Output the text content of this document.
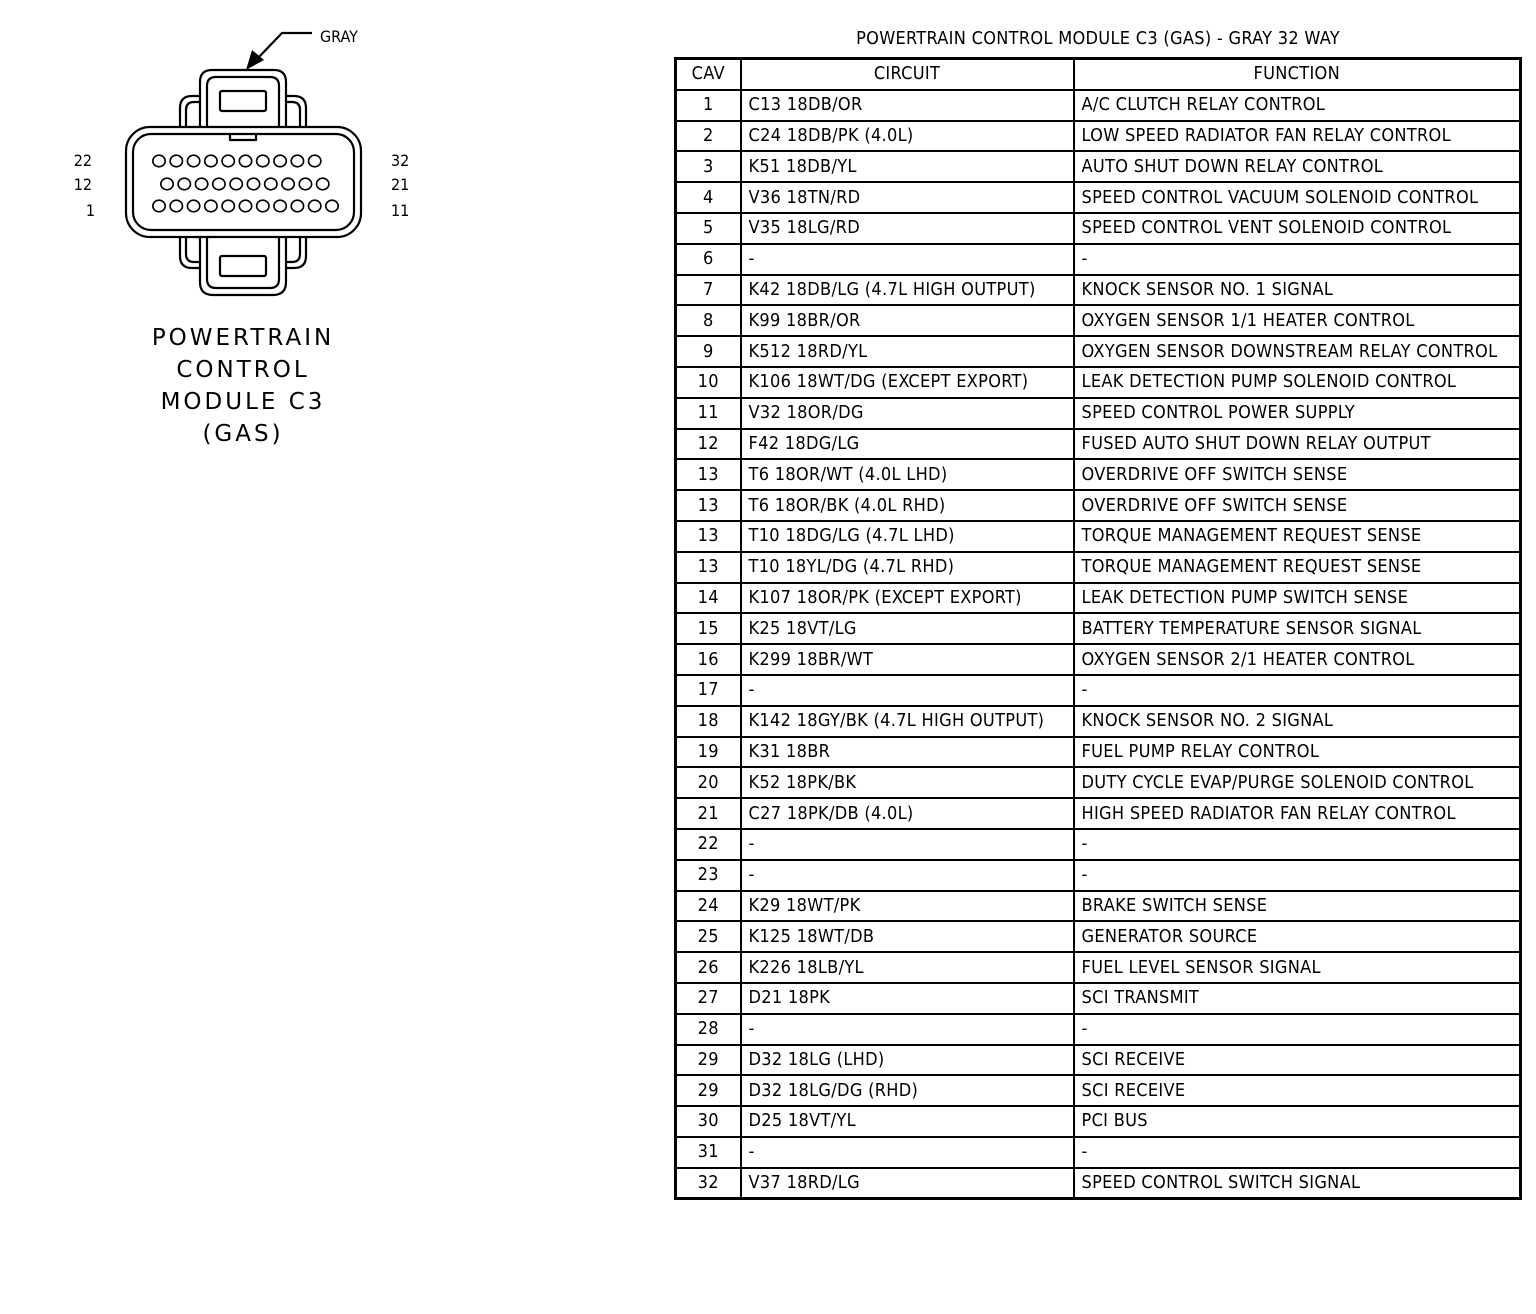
GRAY
22
12
1
32
21
11
POWERTRAIN
CONTROL
MODULE C3
(GAS)
POWERTRAIN CONTROL MODULE C3 (GAS) - GRAY 32 WAY
CAV	CIRCUIT	FUNCTION
1	C13 18DB/OR	A/C CLUTCH RELAY CONTROL
2	C24 18DB/PK (4.0L)	LOW SPEED RADIATOR FAN RELAY CONTROL
3	K51 18DB/YL	AUTO SHUT DOWN RELAY CONTROL
4	V36 18TN/RD	SPEED CONTROL VACUUM SOLENOID CONTROL
5	V35 18LG/RD	SPEED CONTROL VENT SOLENOID CONTROL
6	-	-
7	K42 18DB/LG (4.7L HIGH OUTPUT)	KNOCK SENSOR NO. 1 SIGNAL
8	K99 18BR/OR	OXYGEN SENSOR 1/1 HEATER CONTROL
9	K512 18RD/YL	OXYGEN SENSOR DOWNSTREAM RELAY CONTROL
10	K106 18WT/DG (EXCEPT EXPORT)	LEAK DETECTION PUMP SOLENOID CONTROL
11	V32 18OR/DG	SPEED CONTROL POWER SUPPLY
12	F42 18DG/LG	FUSED AUTO SHUT DOWN RELAY OUTPUT
13	T6 18OR/WT (4.0L LHD)	OVERDRIVE OFF SWITCH SENSE
13	T6 18OR/BK (4.0L RHD)	OVERDRIVE OFF SWITCH SENSE
13	T10 18DG/LG (4.7L LHD)	TORQUE MANAGEMENT REQUEST SENSE
13	T10 18YL/DG (4.7L RHD)	TORQUE MANAGEMENT REQUEST SENSE
14	K107 18OR/PK (EXCEPT EXPORT)	LEAK DETECTION PUMP SWITCH SENSE
15	K25 18VT/LG	BATTERY TEMPERATURE SENSOR SIGNAL
16	K299 18BR/WT	OXYGEN SENSOR 2/1 HEATER CONTROL
17	-	-
18	K142 18GY/BK (4.7L HIGH OUTPUT)	KNOCK SENSOR NO. 2 SIGNAL
19	K31 18BR	FUEL PUMP RELAY CONTROL
20	K52 18PK/BK	DUTY CYCLE EVAP/PURGE SOLENOID CONTROL
21	C27 18PK/DB (4.0L)	HIGH SPEED RADIATOR FAN RELAY CONTROL
22	-	-
23	-	-
24	K29 18WT/PK	BRAKE SWITCH SENSE
25	K125 18WT/DB	GENERATOR SOURCE
26	K226 18LB/YL	FUEL LEVEL SENSOR SIGNAL
27	D21 18PK	SCI TRANSMIT
28	-	-
29	D32 18LG (LHD)	SCI RECEIVE
29	D32 18LG/DG (RHD)	SCI RECEIVE
30	D25 18VT/YL	PCI BUS
31	-	-
32	V37 18RD/LG	SPEED CONTROL SWITCH SIGNAL
